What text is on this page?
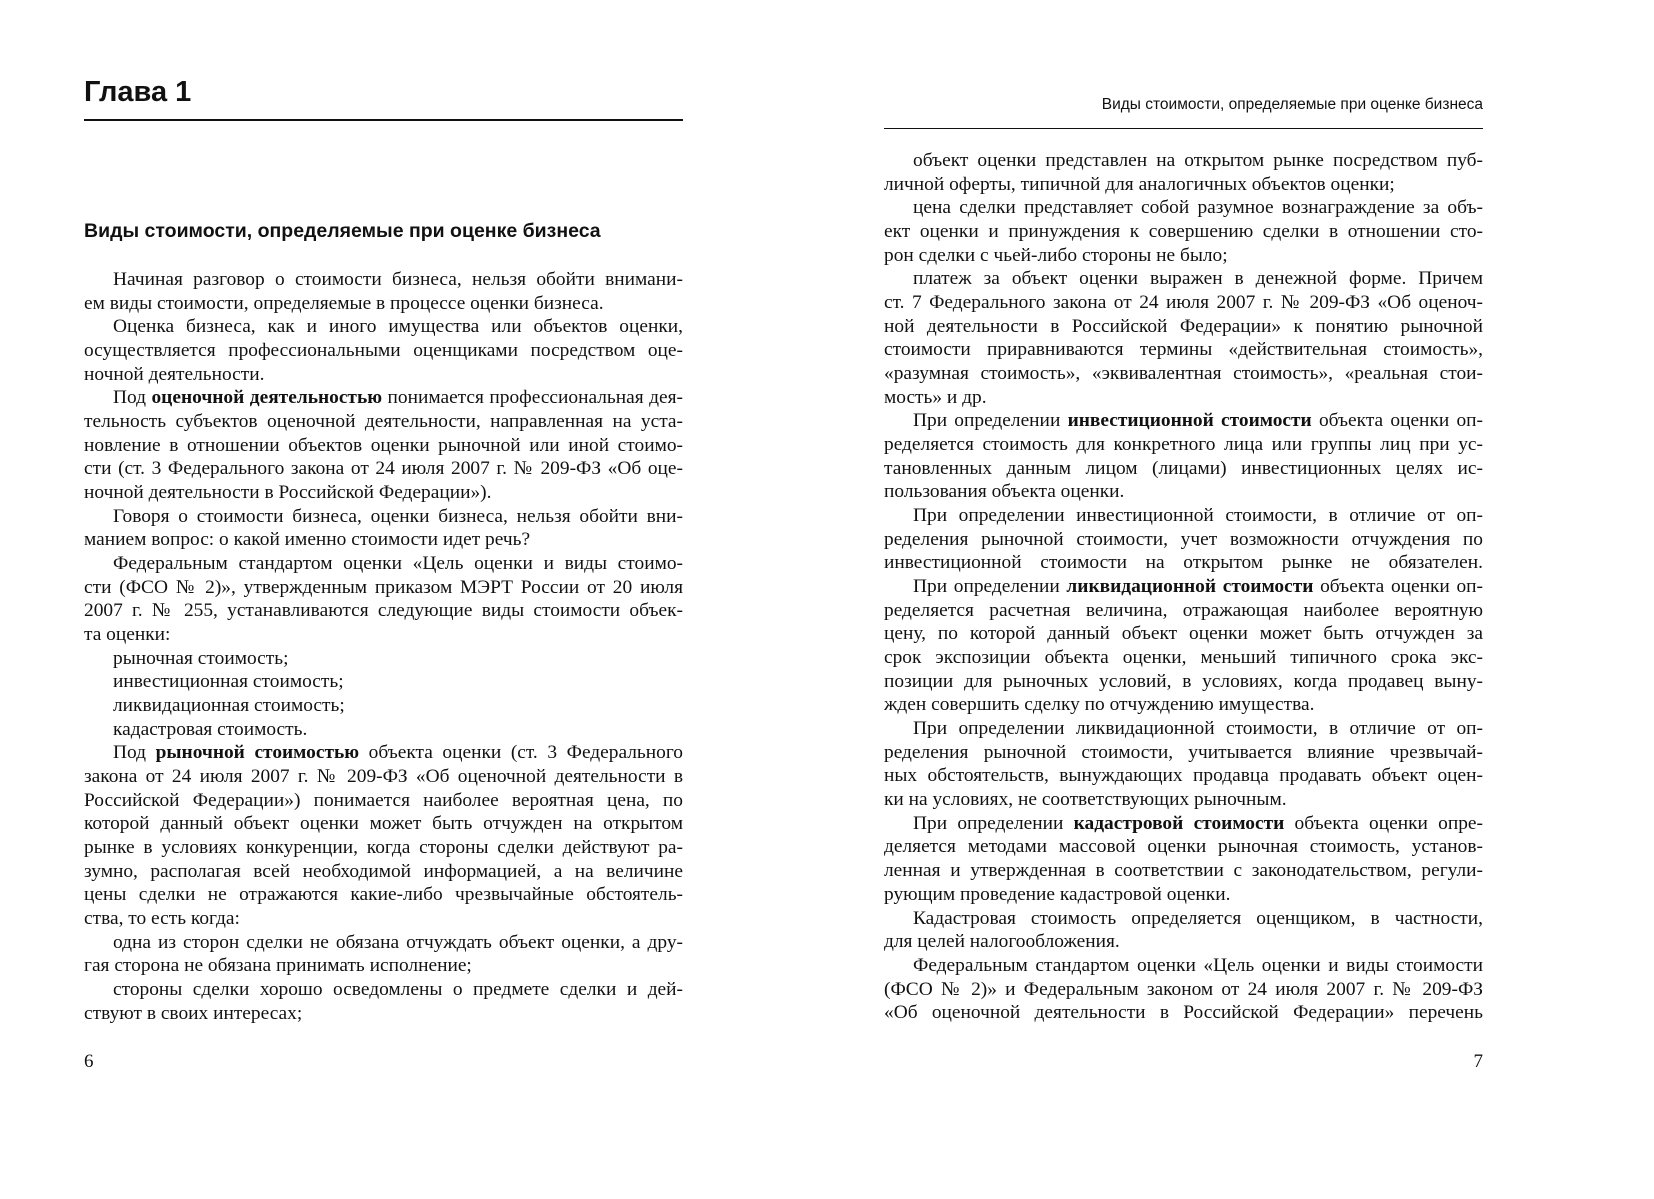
Глава 1
Виды стоимости, определяемые при оценке бизнеса
Начиная разговор о стоимости бизнеса, нельзя обойти внимани-
ем виды стоимости, определяемые в процессе оценки бизнеса.
Оценка бизнеса, как и иного имущества или объектов оценки,
осуществляется профессиональными оценщиками посредством оце-
ночной деятельности.
Под оценочной деятельностью понимается профессиональная дея-
тельность субъектов оценочной деятельности, направленная на уста-
новление в отношении объектов оценки рыночной или иной стоимо-
сти (ст. 3 Федерального закона от 24 июля 2007 г. № 209-ФЗ «Об оце-
ночной деятельности в Российской Федерации»).
Говоря о стоимости бизнеса, оценки бизнеса, нельзя обойти вни-
манием вопрос: о какой именно стоимости идет речь?
Федеральным стандартом оценки «Цель оценки и виды стоимо-
сти (ФСО № 2)», утвержденным приказом МЭРТ России от 20 июля
2007 г. № 255, устанавливаются следующие виды стоимости объек-
та оценки:
рыночная стоимость;
инвестиционная стоимость;
ликвидационная стоимость;
кадастровая стоимость.
Под рыночной стоимостью объекта оценки (ст. 3 Федерального
закона от 24 июля 2007 г. № 209-ФЗ «Об оценочной деятельности в
Российской Федерации») понимается наиболее вероятная цена, по
которой данный объект оценки может быть отчужден на открытом
рынке в условиях конкуренции, когда стороны сделки действуют ра-
зумно, располагая всей необходимой информацией, а на величине
цены сделки не отражаются какие-либо чрезвычайные обстоятель-
ства, то есть когда:
одна из сторон сделки не обязана отчуждать объект оценки, а дру-
гая сторона не обязана принимать исполнение;
стороны сделки хорошо осведомлены о предмете сделки и дей-
ствуют в своих интересах;
6
Виды стоимости, определяемые при оценке бизнеса
объект оценки представлен на открытом рынке посредством пуб-
личной оферты, типичной для аналогичных объектов оценки;
цена сделки представляет собой разумное вознаграждение за объ-
ект оценки и принуждения к совершению сделки в отношении сто-
рон сделки с чьей-либо стороны не было;
платеж за объект оценки выражен в денежной форме. Причем
ст. 7 Федерального закона от 24 июля 2007 г. № 209-ФЗ «Об оценоч-
ной деятельности в Российской Федерации» к понятию рыночной
стоимости приравниваются термины «действительная стоимость»,
«разумная стоимость», «эквивалентная стоимость», «реальная стои-
мость» и др.
При определении инвестиционной стоимости объекта оценки оп-
ределяется стоимость для конкретного лица или группы лиц при ус-
тановленных данным лицом (лицами) инвестиционных целях ис-
пользования объекта оценки.
При определении инвестиционной стоимости, в отличие от оп-
ределения рыночной стоимости, учет возможности отчуждения по
инвестиционной стоимости на открытом рынке не обязателен.
При определении ликвидационной стоимости объекта оценки оп-
ределяется расчетная величина, отражающая наиболее вероятную
цену, по которой данный объект оценки может быть отчужден за
срок экспозиции объекта оценки, меньший типичного срока экс-
позиции для рыночных условий, в условиях, когда продавец выну-
жден совершить сделку по отчуждению имущества.
При определении ликвидационной стоимости, в отличие от оп-
ределения рыночной стоимости, учитывается влияние чрезвычай-
ных обстоятельств, вынуждающих продавца продавать объект оцен-
ки на условиях, не соответствующих рыночным.
При определении кадастровой стоимости объекта оценки опре-
деляется методами массовой оценки рыночная стоимость, установ-
ленная и утвержденная в соответствии с законодательством, регули-
рующим проведение кадастровой оценки.
Кадастровая стоимость определяется оценщиком, в частности,
для целей налогообложения.
Федеральным стандартом оценки «Цель оценки и виды стоимости
(ФСО № 2)» и Федеральным законом от 24 июля 2007 г. № 209-ФЗ
«Об оценочной деятельности в Российской Федерации» перечень
7
